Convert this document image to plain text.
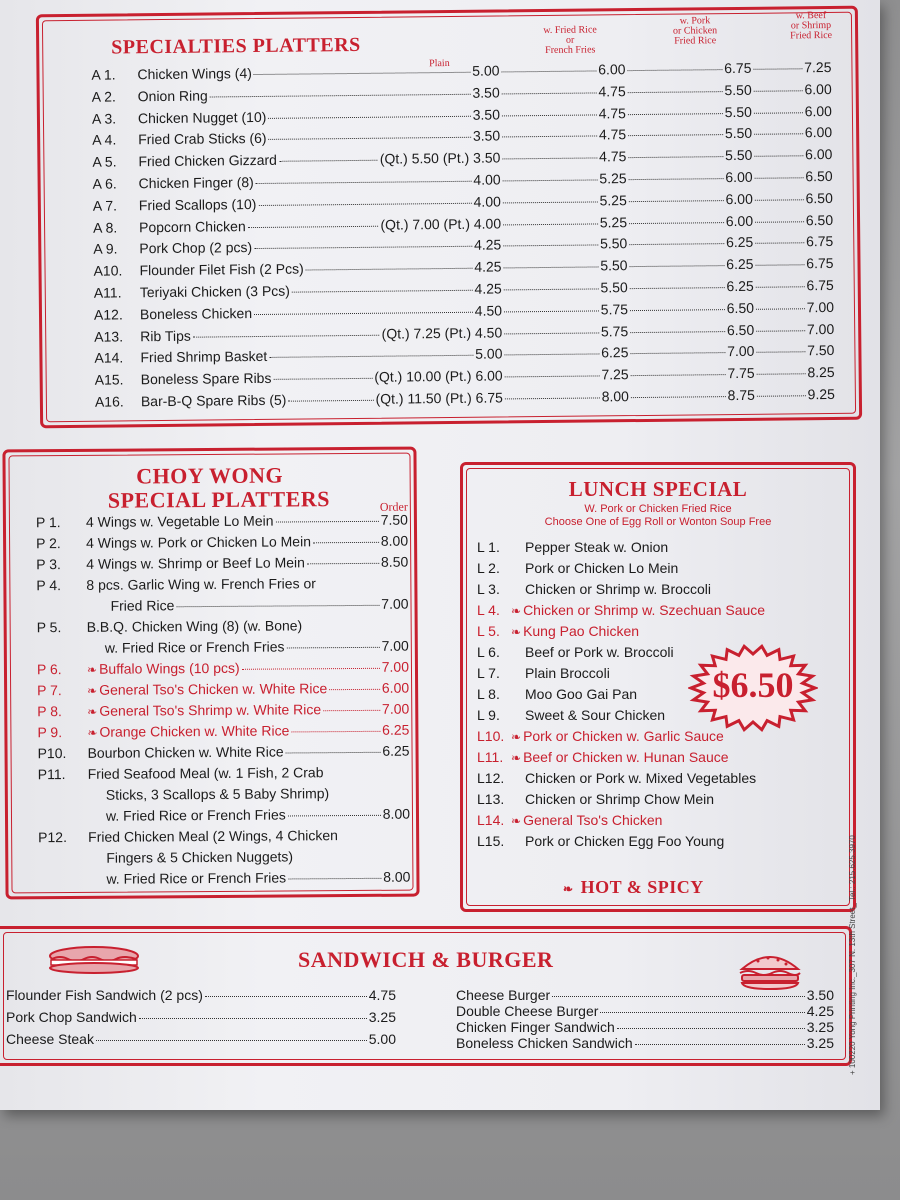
SPECIALTIES PLATTERS
Plain
w. Fried Rice
or
French Fries
w. Pork
or Chicken
Fried Rice
w. Beef
or Shrimp
Fried Rice
A 1.	Chicken Wings (4)	5.00	6.00	6.75	7.25
A 2.	Onion Ring	3.50	4.75	5.50	6.00
A 3.	Chicken Nugget (10)	3.50	4.75	5.50	6.00
A 4.	Fried Crab Sticks (6)	3.50	4.75	5.50	6.00
A 5.	Fried Chicken Gizzard	(Qt.) 5.50 (Pt.) 3.50	4.75	5.50	6.00
A 6.	Chicken Finger (8)	4.00	5.25	6.00	6.50
A 7.	Fried Scallops (10)	4.00	5.25	6.00	6.50
A 8.	Popcorn Chicken	(Qt.) 7.00 (Pt.) 4.00	5.25	6.00	6.50
A 9.	Pork Chop (2 pcs)	4.25	5.50	6.25	6.75
A10.	Flounder Filet Fish (2 Pcs)	4.25	5.50	6.25	6.75
A11.	Teriyaki Chicken (3 Pcs)	4.25	5.50	6.25	6.75
A12.	Boneless Chicken	4.50	5.75	6.50	7.00
A13.	Rib Tips	(Qt.) 7.25 (Pt.) 4.50	5.75	6.50	7.00
A14.	Fried Shrimp Basket	5.00	6.25	7.00	7.50
A15.	Boneless Spare Ribs	(Qt.) 10.00 (Pt.) 6.00	7.25	7.75	8.25
A16.	Bar-B-Q Spare Ribs (5)	(Qt.) 11.50 (Pt.) 6.75	8.00	8.75	9.25
CHOY WONG
SPECIAL PLATTERS	Order
P 1.	4 Wings w. Vegetable Lo Mein	7.50
P 2.	4 Wings w. Pork or Chicken Lo Mein	8.00
P 3.	4 Wings w. Shrimp or Beef Lo Mein	8.50
P 4.	8 pcs. Garlic Wing w. French Fries or
Fried Rice	7.00
P 5.	B.B.Q. Chicken Wing (8) (w. Bone)
w. Fried Rice or French Fries	7.00
P 6.	❧ Buffalo Wings (10 pcs)	7.00
P 7.	❧ General Tso's Chicken w. White Rice	6.00
P 8.	❧ General Tso's Shrimp w. White Rice	7.00
P 9.	❧ Orange Chicken w. White Rice	6.25
P10.	Bourbon Chicken w. White Rice	6.25
P11.	Fried Seafood Meal (w. 1 Fish, 2 Crab
Sticks, 3 Scallops & 5 Baby Shrimp)
w. Fried Rice or French Fries	8.00
P12.	Fried Chicken Meal (2 Wings, 4 Chicken
Fingers & 5 Chicken Nuggets)
w. Fried Rice or French Fries	8.00
LUNCH SPECIAL
W. Pork or Chicken Fried Rice
Choose One of Egg Roll or Wonton Soup Free
L 1.	Pepper Steak w. Onion
L 2.	Pork or Chicken Lo Mein
L 3.	Chicken or Shrimp w. Broccoli
L 4. ❧ Chicken or Shrimp w. Szechuan Sauce
L 5. ❧ Kung Pao Chicken
L 6.	Beef or Pork w. Broccoli
L 7.	Plain Broccoli
L 8.	Moo Goo Gai Pan
L 9.	Sweet & Sour Chicken
L10. ❧ Pork or Chicken w. Garlic Sauce
L11. ❧ Beef or Chicken w. Hunan Sauce
L12.	Chicken or Pork w. Mixed Vegetables
L13.	Chicken or Shrimp Chow Mein
L14. ❧ General Tso's Chicken
L15.	Pork or Chicken Egg Foo Young
❧ HOT & SPICY
$6.50
SANDWICH & BURGER
Flounder Fish Sandwich (2 pcs)	4.75
Pork Chop Sandwich	3.25
Cheese Steak	5.00
Cheese Burger	3.50
Double Cheese Burger	4.25
Chicken Finger Sandwich	3.25
Boneless Chicken Sandwich	3.25 + 100220 Yong Printing Inc._307 N. 13th Street_ Tel.: 215.625.3970
